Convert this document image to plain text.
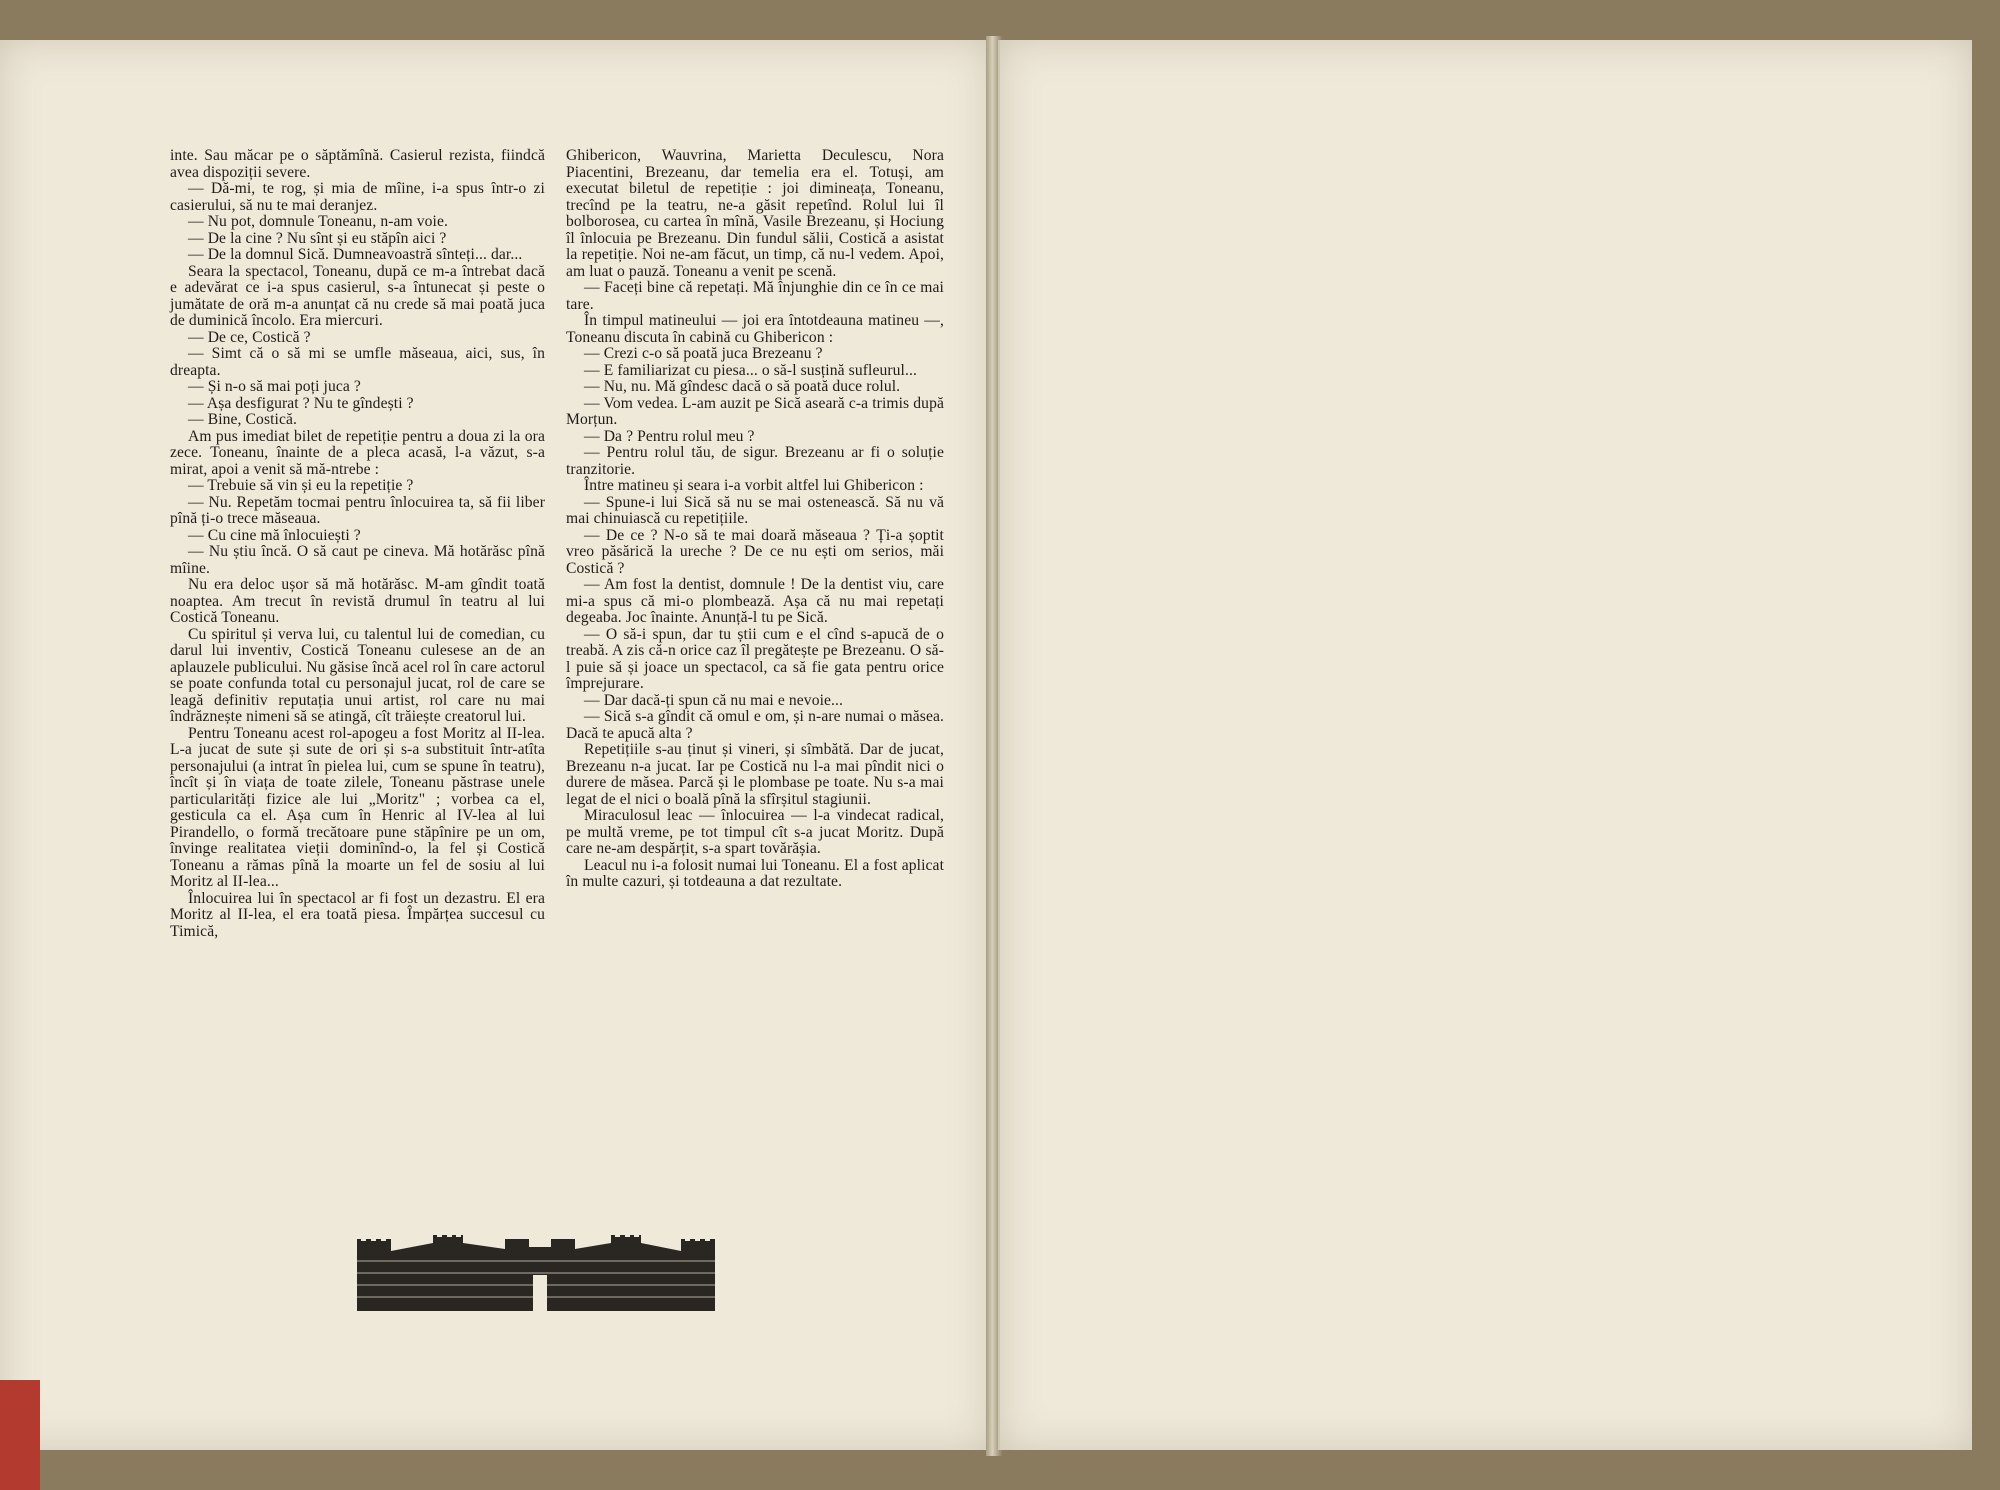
inte. Sau măcar pe o săptămînă. Casierul rezista, fiindcă avea dispoziții severe.

— Dă-mi, te rog, și mia de mîine, i-a spus într-o zi casierului, să nu te mai deranjez.

— Nu pot, domnule Toneanu, n-am voie.

— De la cine ? Nu sînt și eu stăpîn aici ?

— De la domnul Sică. Dumneavoastră sînteți... dar...

Seara la spectacol, Toneanu, după ce m-a întrebat dacă e adevărat ce i-a spus casierul, s-a întunecat și peste o jumătate de oră m-a anunțat că nu crede să mai poată juca de duminică încolo. Era miercuri.

— De ce, Costică ?

— Simt că o să mi se umfle măseaua, aici, sus, în dreapta.

— Și n-o să mai poți juca ?

— Așa desfigurat ? Nu te gîndești ?

— Bine, Costică.

Am pus imediat bilet de repetiție pentru a doua zi la ora zece. Toneanu, înainte de a pleca acasă, l-a văzut, s-a mirat, apoi a venit să mă-ntrebe :

— Trebuie să vin și eu la repetiție ?

— Nu. Repetăm tocmai pentru înlocuirea ta, să fii liber pînă ți-o trece măseaua.

— Cu cine mă înlocuiești ?

— Nu știu încă. O să caut pe cineva. Mă hotărăsc pînă mîine.

Nu era deloc ușor să mă hotărăsc. M-am gîndit toată noaptea. Am trecut în revistă drumul în teatru al lui Costică Toneanu.

Cu spiritul și verva lui, cu talentul lui de comedian, cu darul lui inventiv, Costică Toneanu culesese an de an aplauzele publicului. Nu găsise încă acel rol în care actorul se poate confunda total cu personajul jucat, rol de care se leagă definitiv reputația unui artist, rol care nu mai îndrăznește nimeni să se atingă, cît trăiește creatorul lui.

Pentru Toneanu acest rol-apogeu a fost Moritz al II-lea. L-a jucat de sute și sute de ori și s-a substituit într-atîta personajului (a intrat în pielea lui, cum se spune în teatru), încît și în viața de toate zilele, Toneanu păstrase unele particularități fizice ale lui „Moritz" ; vorbea ca el, gesticula ca el. Așa cum în Henric al IV-lea al lui Pirandello, o formă trecătoare pune stăpînire pe un om, învinge realitatea vieții dominînd-o, la fel și Costică Toneanu a rămas pînă la moarte un fel de sosiu al lui Moritz al II-lea...

Înlocuirea lui în spectacol ar fi fost un dezastru. El era Moritz al II-lea, el era toată piesa. Împărțea succesul cu Timică,

Ghibericon, Wauvrina, Marietta Deculescu, Nora Piacentini, Brezeanu, dar temelia era el. Totuși, am executat biletul de repetiție : joi dimineața, Toneanu, trecînd pe la teatru, ne-a găsit repetînd. Rolul lui îl bolborosea, cu cartea în mînă, Vasile Brezeanu, și Hociung îl înlocuia pe Brezeanu. Din fundul sălii, Costică a asistat la repetiție. Noi ne-am făcut, un timp, că nu-l vedem. Apoi, am luat o pauză. Toneanu a venit pe scenă.

— Faceți bine că repetați. Mă înjunghie din ce în ce mai tare.

În timpul matineului — joi era întotdeauna matineu —, Toneanu discuta în cabină cu Ghibericon :

— Crezi c-o să poată juca Brezeanu ?

— E familiarizat cu piesa... o să-l susțină sufleurul...

— Nu, nu. Mă gîndesc dacă o să poată duce rolul.

— Vom vedea. L-am auzit pe Sică aseară c-a trimis după Morțun.

— Da ? Pentru rolul meu ?

— Pentru rolul tău, de sigur. Brezeanu ar fi o soluție tranzitorie.

Între matineu și seara i-a vorbit altfel lui Ghibericon :

— Spune-i lui Sică să nu se mai ostenească. Să nu vă mai chinuiască cu repetițiile.

— De ce ? N-o să te mai doară măseaua ? Ți-a șoptit vreo păsărică la ureche ? De ce nu ești om serios, măi Costică ?

— Am fost la dentist, domnule ! De la dentist viu, care mi-a spus că mi-o plombează. Așa că nu mai repetați degeaba. Joc înainte. Anunță-l tu pe Sică.

— O să-i spun, dar tu știi cum e el cînd s-apucă de o treabă. A zis că-n orice caz îl pregătește pe Brezeanu. O să-l puie să și joace un spectacol, ca să fie gata pentru orice împrejurare.

— Dar dacă-ți spun că nu mai e nevoie...

— Sică s-a gîndit că omul e om, și n-are numai o măsea. Dacă te apucă alta ?

Repetițiile s-au ținut și vineri, și sîmbătă. Dar de jucat, Brezeanu n-a jucat. Iar pe Costică nu l-a mai pîndit nici o durere de măsea. Parcă și le plombase pe toate. Nu s-a mai legat de el nici o boală pînă la sfîrșitul stagiunii.

Miraculosul leac — înlocuirea — l-a vindecat radical, pe multă vreme, pe tot timpul cît s-a jucat Moritz. După care ne-am despărțit, s-a spart tovărășia.

Leacul nu i-a folosit numai lui Toneanu. El a fost aplicat în multe cazuri, și totdeauna a dat rezultate.
